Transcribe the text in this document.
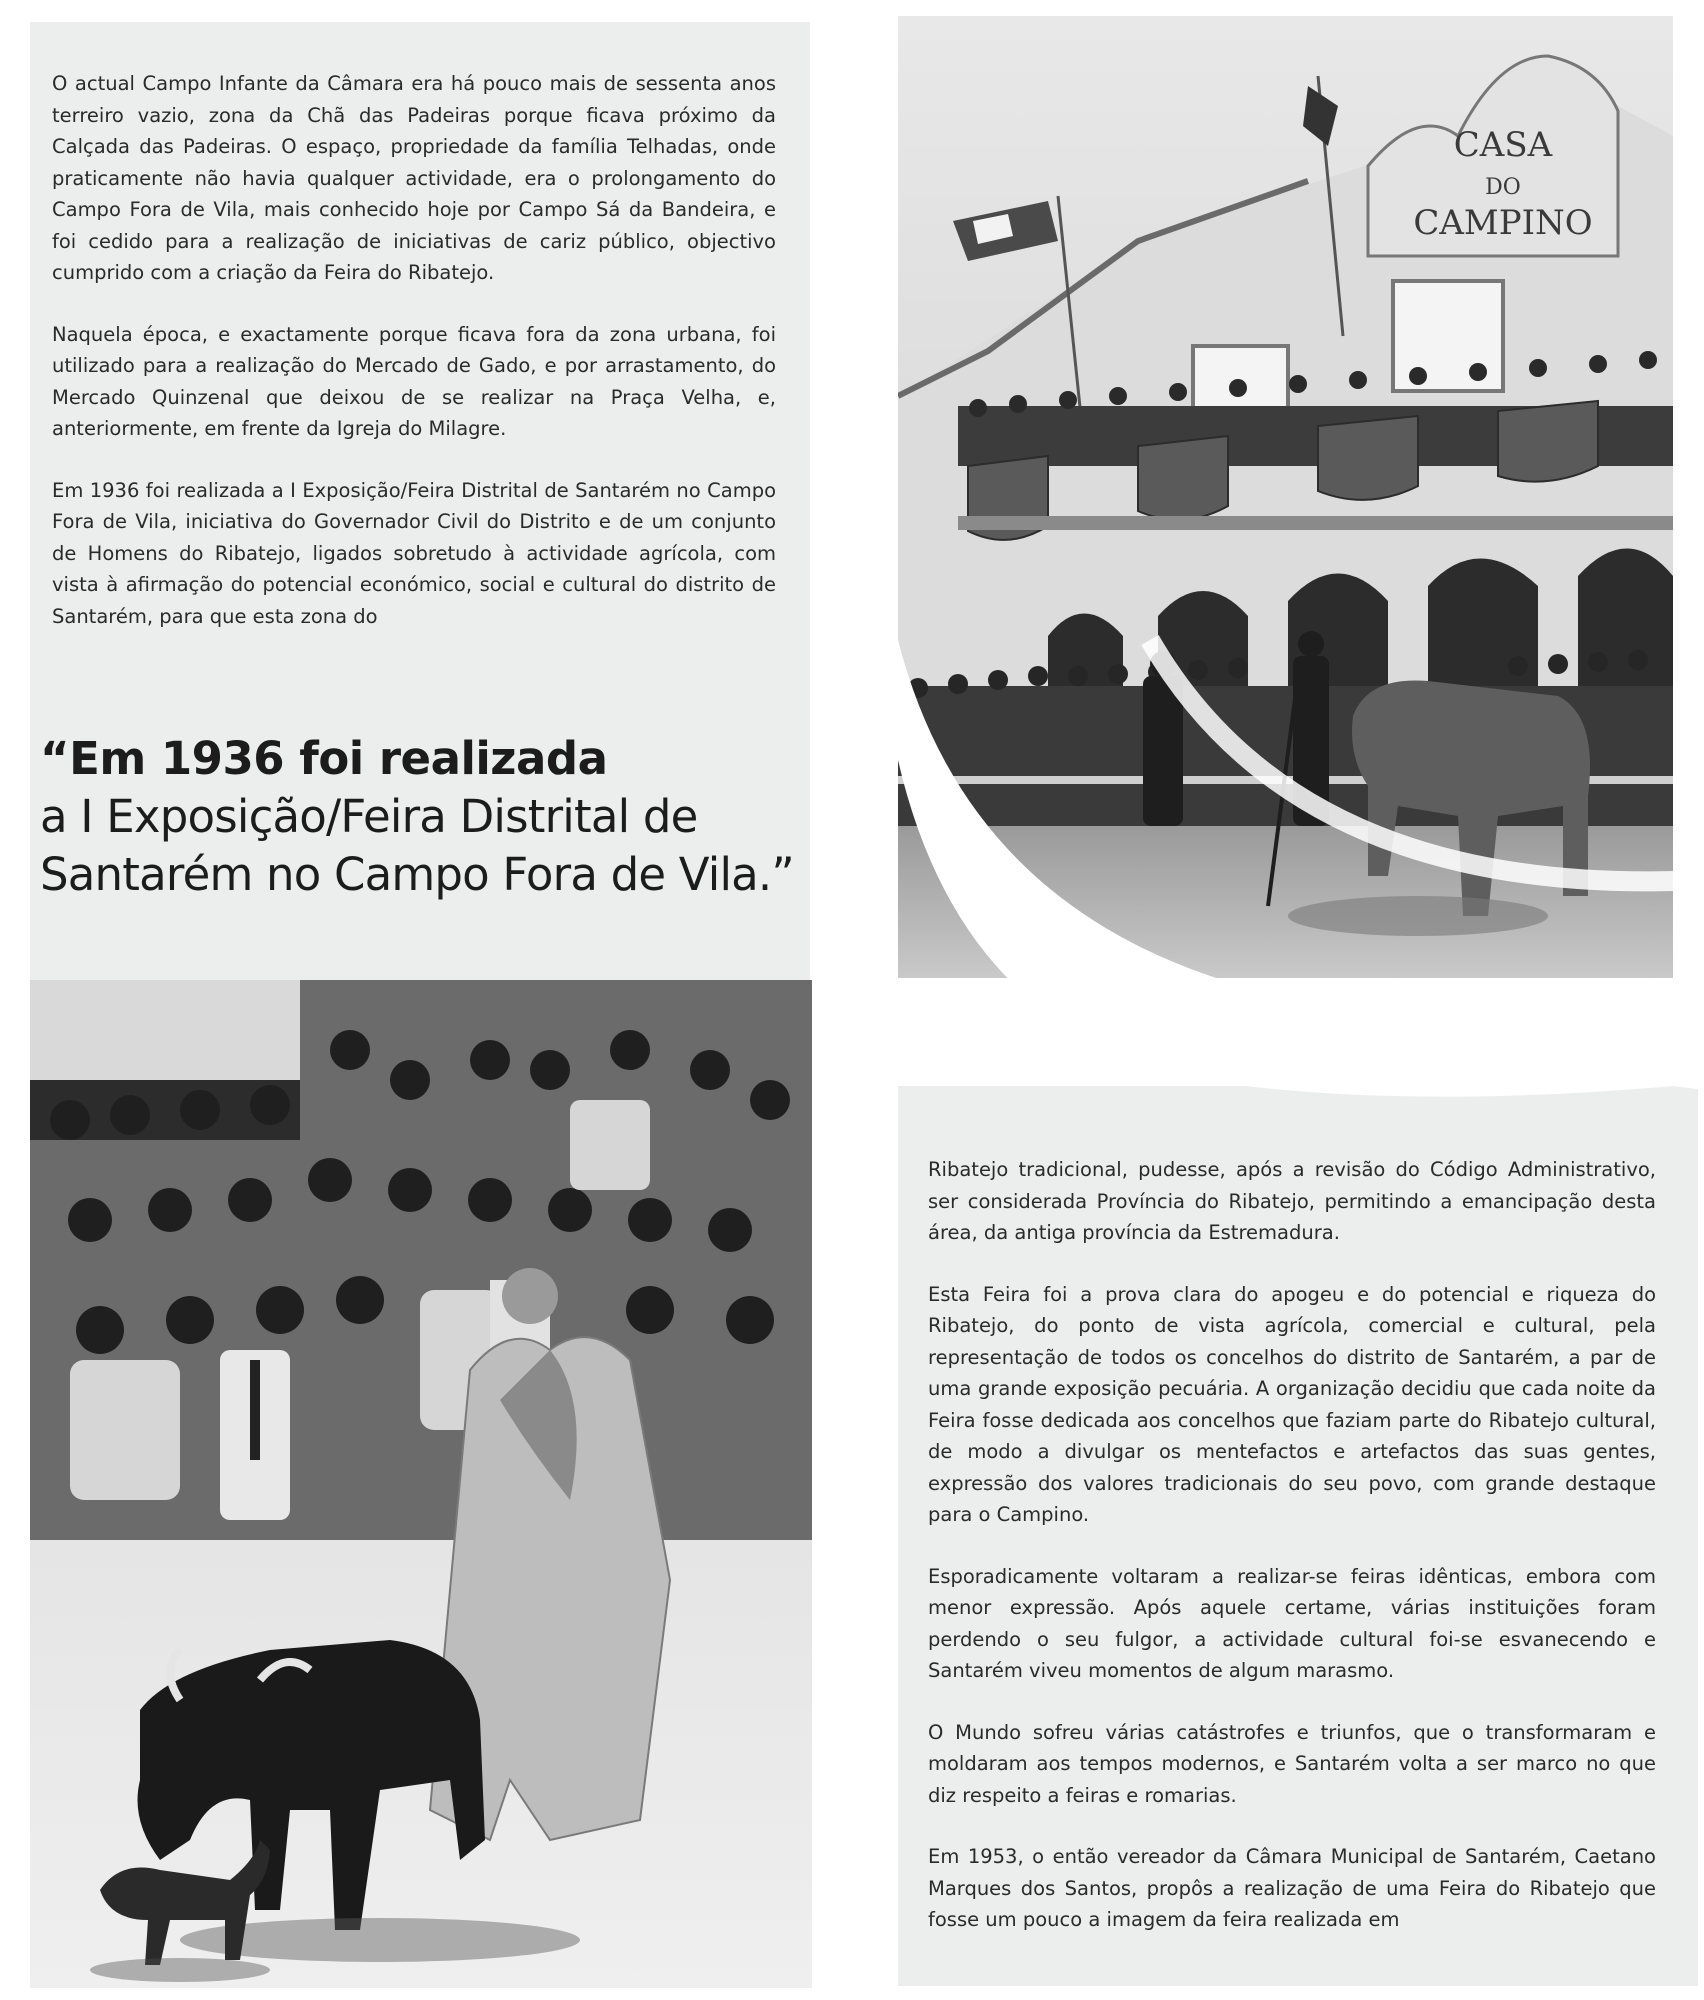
O actual Campo Infante da Câmara era há pouco mais de sessenta anos terreiro vazio, zona da Chã das Padeiras porque ficava próximo da Calçada das Padeiras. O espaço, propriedade da família Telhadas, onde praticamente não havia qualquer actividade, era o prolongamento do Campo Fora de Vila, mais conhecido hoje por Campo Sá da Bandeira, e foi cedido para a realização de iniciativas de cariz público, objectivo cumprido com a criação da Feira do Ribatejo.

Naquela época, e exactamente porque ficava fora da zona urbana, foi utilizado para a realização do Mercado de Gado, e por arrastamento, do Mercado Quinzenal que deixou de se realizar na Praça Velha, e, anteriormente, em frente da Igreja do Milagre.

Em 1936 foi realizada a I Exposição/Feira Distrital de Santarém no Campo Fora de Vila, iniciativa do Governador Civil do Distrito e de um conjunto de Homens do Ribatejo, ligados sobretudo à actividade agrícola, com vista à afirmação do potencial económico, social e cultural do distrito de Santarém, para que esta zona do

“Em 1936 foi realizada
a I Exposição/Feira Distrital de
Santarém no Campo Fora de Vila.”
CASA
DO
CAMPINO

Ribatejo tradicional, pudesse, após a revisão do Código Administrativo, ser considerada Província do Ribatejo, permitindo a emancipação desta área, da antiga província da Estremadura.

Esta Feira foi a prova clara do apogeu e do potencial e riqueza do Ribatejo, do ponto de vista agrícola, comercial e cultural, pela representação de todos os concelhos do distrito de Santarém, a par de uma grande exposição pecuária. A organização decidiu que cada noite da Feira fosse dedicada aos concelhos que faziam parte do Ribatejo cultural, de modo a divulgar os mentefactos e artefactos das suas gentes, expressão dos valores tradicionais do seu povo, com grande destaque para o Campino.

Esporadicamente voltaram a realizar-se feiras idênticas, embora com menor expressão. Após aquele certame, várias instituições foram perdendo o seu fulgor, a actividade cultural foi-se esvanecendo e Santarém viveu momentos de algum marasmo.

O Mundo sofreu várias catástrofes e triunfos, que o transformaram e moldaram aos tempos modernos, e Santarém volta a ser marco no que diz respeito a feiras e romarias.

Em 1953, o então vereador da Câmara Municipal de Santarém, Caetano Marques dos Santos, propôs a realização de uma Feira do Ribatejo que fosse um pouco a imagem da feira realizada em
